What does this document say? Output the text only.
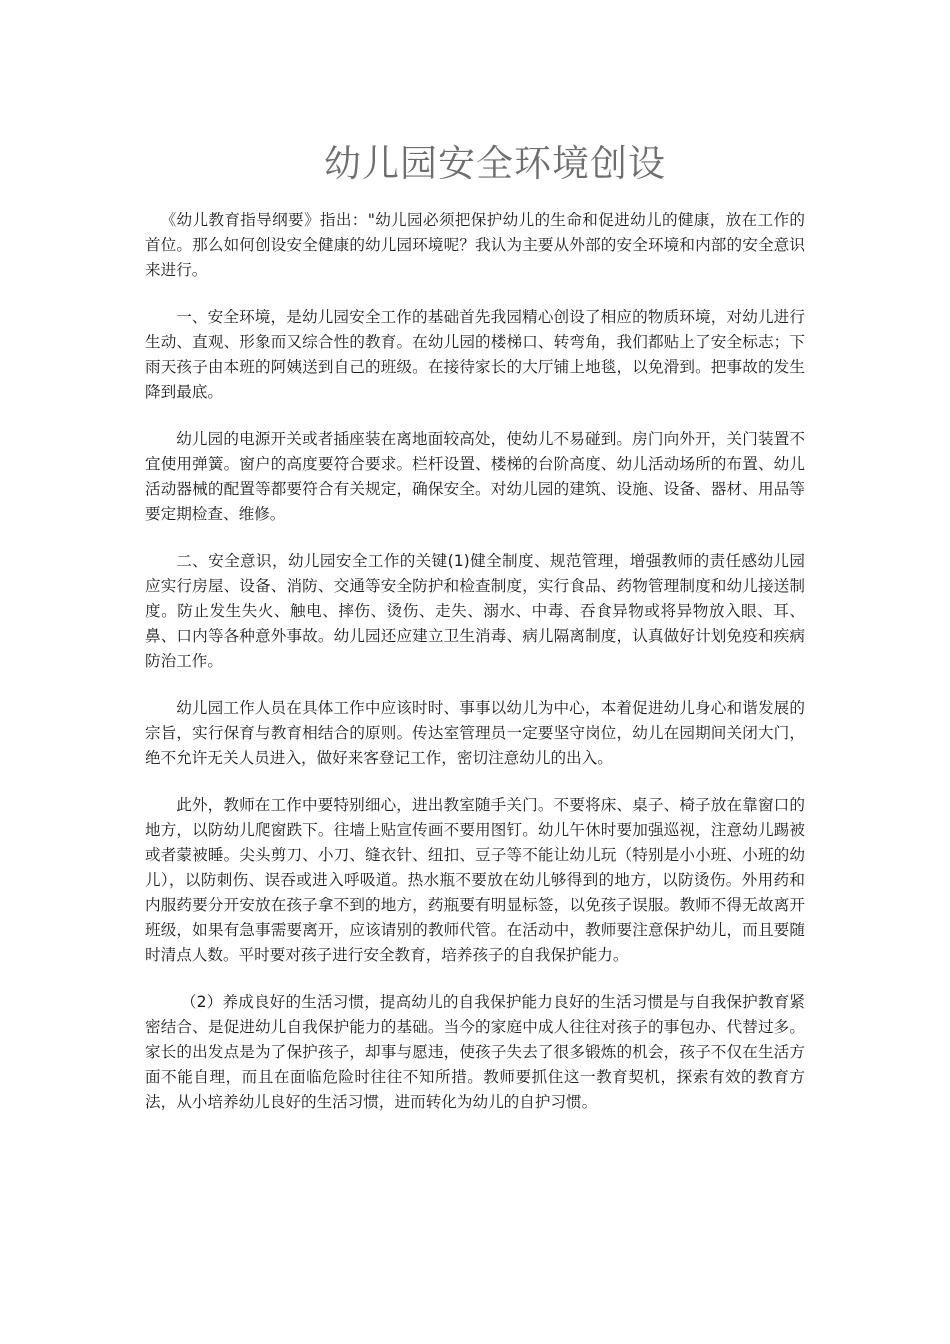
幼儿园安全环境创设

《幼儿教育指导纲要》指出："幼儿园必须把保护幼儿的生命和促进幼儿的健康，放在工作的首位。那么如何创设安全健康的幼儿园环境呢？我认为主要从外部的安全环境和内部的安全意识来进行。

一、安全环境，是幼儿园安全工作的基础首先我园精心创设了相应的物质环境，对幼儿进行生动、直观、形象而又综合性的教育。在幼儿园的楼梯口、转弯角，我们都贴上了安全标志；下雨天孩子由本班的阿姨送到自己的班级。在接待家长的大厅铺上地毯，以免滑到。把事故的发生降到最底。

幼儿园的电源开关或者插座装在离地面较高处，使幼儿不易碰到。房门向外开，关门装置不宜使用弹簧。窗户的高度要符合要求。栏杆设置、楼梯的台阶高度、幼儿活动场所的布置、幼儿活动器械的配置等都要符合有关规定，确保安全。对幼儿园的建筑、设施、设备、器材、用品等要定期检查、维修。

二、安全意识，幼儿园安全工作的关键(1)健全制度、规范管理，增强教师的责任感幼儿园应实行房屋、设备、消防、交通等安全防护和检查制度，实行食品、药物管理制度和幼儿接送制度。防止发生失火、触电、摔伤、烫伤、走失、溺水、中毒、吞食异物或将异物放入眼、耳、鼻、口内等各种意外事故。幼儿园还应建立卫生消毒、病儿隔离制度，认真做好计划免疫和疾病防治工作。

幼儿园工作人员在具体工作中应该时时、事事以幼儿为中心，本着促进幼儿身心和谐发展的宗旨，实行保育与教育相结合的原则。传达室管理员一定要坚守岗位，幼儿在园期间关闭大门，绝不允许无关人员进入，做好来客登记工作，密切注意幼儿的出入。

此外，教师在工作中要特别细心，进出教室随手关门。不要将床、桌子、椅子放在靠窗口的地方，以防幼儿爬窗跌下。往墙上贴宣传画不要用图钉。幼儿午休时要加强巡视，注意幼儿踢被或者蒙被睡。尖头剪刀、小刀、缝衣针、纽扣、豆子等不能让幼儿玩（特别是小小班、小班的幼儿），以防刺伤、误吞或进入呼吸道。热水瓶不要放在幼儿够得到的地方，以防烫伤。外用药和内服药要分开安放在孩子拿不到的地方，药瓶要有明显标签，以免孩子误服。教师不得无故离开班级，如果有急事需要离开，应该请别的教师代管。在活动中，教师要注意保护幼儿，而且要随时清点人数。平时要对孩子进行安全教育，培养孩子的自我保护能力。

（2）养成良好的生活习惯，提高幼儿的自我保护能力良好的生活习惯是与自我保护教育紧密结合、是促进幼儿自我保护能力的基础。当今的家庭中成人往往对孩子的事包办、代替过多。家长的出发点是为了保护孩子，却事与愿违，使孩子失去了很多锻炼的机会，孩子不仅在生活方面不能自理，而且在面临危险时往往不知所措。教师要抓住这一教育契机，探索有效的教育方法，从小培养幼儿良好的生活习惯，进而转化为幼儿的自护习惯。
